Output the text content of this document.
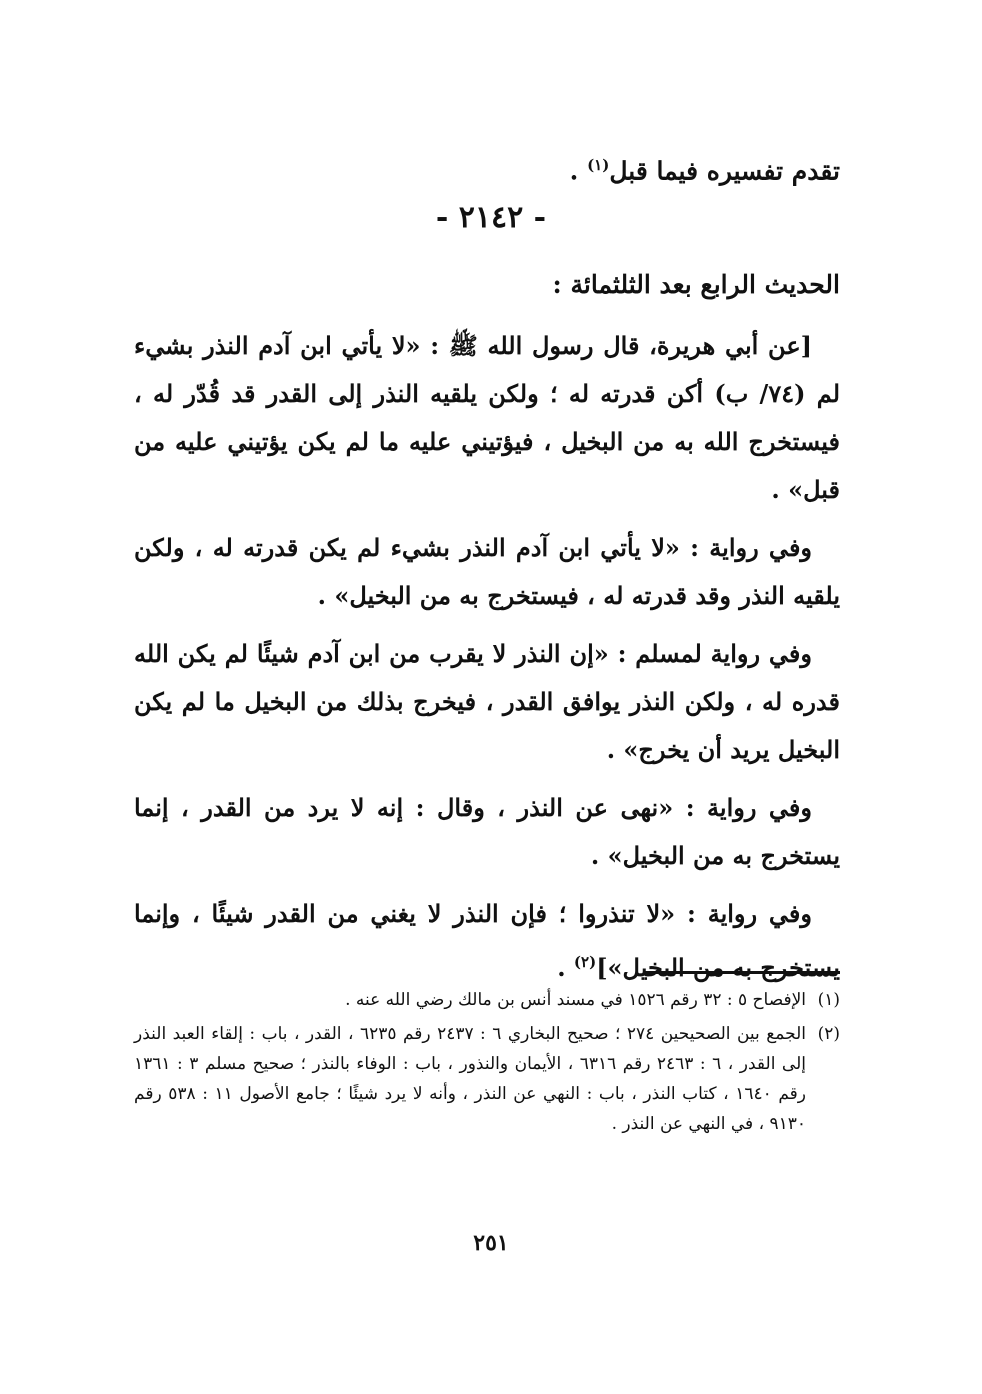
تقدم تفسيره فيما قبل$^{(١)}$ .
- ٢١٤٢ -
الحديث الرابع بعد الثلثمائة :

[عن أبي هريرة، قال رسول الله ﷺ : «لا يأتي ابن آدم النذر بشيء لم (٧٤/ ب) أكن قدرته له ؛ ولكن يلقيه النذر إلى القدر قد قُدّر له ، فيستخرج الله به من البخيل ، فيؤتيني عليه ما لم يكن يؤتيني عليه من قبل» .

وفي رواية : «لا يأتي ابن آدم النذر بشيء لم يكن قدرته له ، ولكن يلقيه النذر وقد قدرته له ، فيستخرج به من البخيل» .

وفي رواية لمسلم : «إن النذر لا يقرب من ابن آدم شيئًا لم يكن الله قدره له ، ولكن النذر يوافق القدر ، فيخرج بذلك من البخيل ما لم يكن البخيل يريد أن يخرج» .

وفي رواية : «نهى عن النذر ، وقال : إنه لا يرد من القدر ، إنما يستخرج به من البخيل» .

وفي رواية : «لا تنذروا ؛ فإن النذر لا يغني من القدر شيئًا ، وإنما يستخرج به من البخيل»]$^{(٢)}$ .

(١)الإفصاح ٥ : ٣٢ رقم ١٥٢٦ في مسند أنس بن مالك رضي الله عنه .

(٢)الجمع بين الصحيحين ٢٧٤ ؛ صحيح البخاري ٦ : ٢٤٣٧ رقم ٦٢٣٥ ، القدر ، باب : إلقاء العبد النذر إلى القدر ، ٦ : ٢٤٦٣ رقم ٦٣١٦ ، الأيمان والنذور ، باب : الوفاء بالنذر ؛ صحيح مسلم ٣ : ١٣٦١ رقم ١٦٤٠ ، كتاب النذر ، باب : النهي عن النذر ، وأنه لا يرد شيئًا ؛ جامع الأصول ١١ : ٥٣٨ رقم ٩١٣٠ ، في النهي عن النذر .

٢٥١
